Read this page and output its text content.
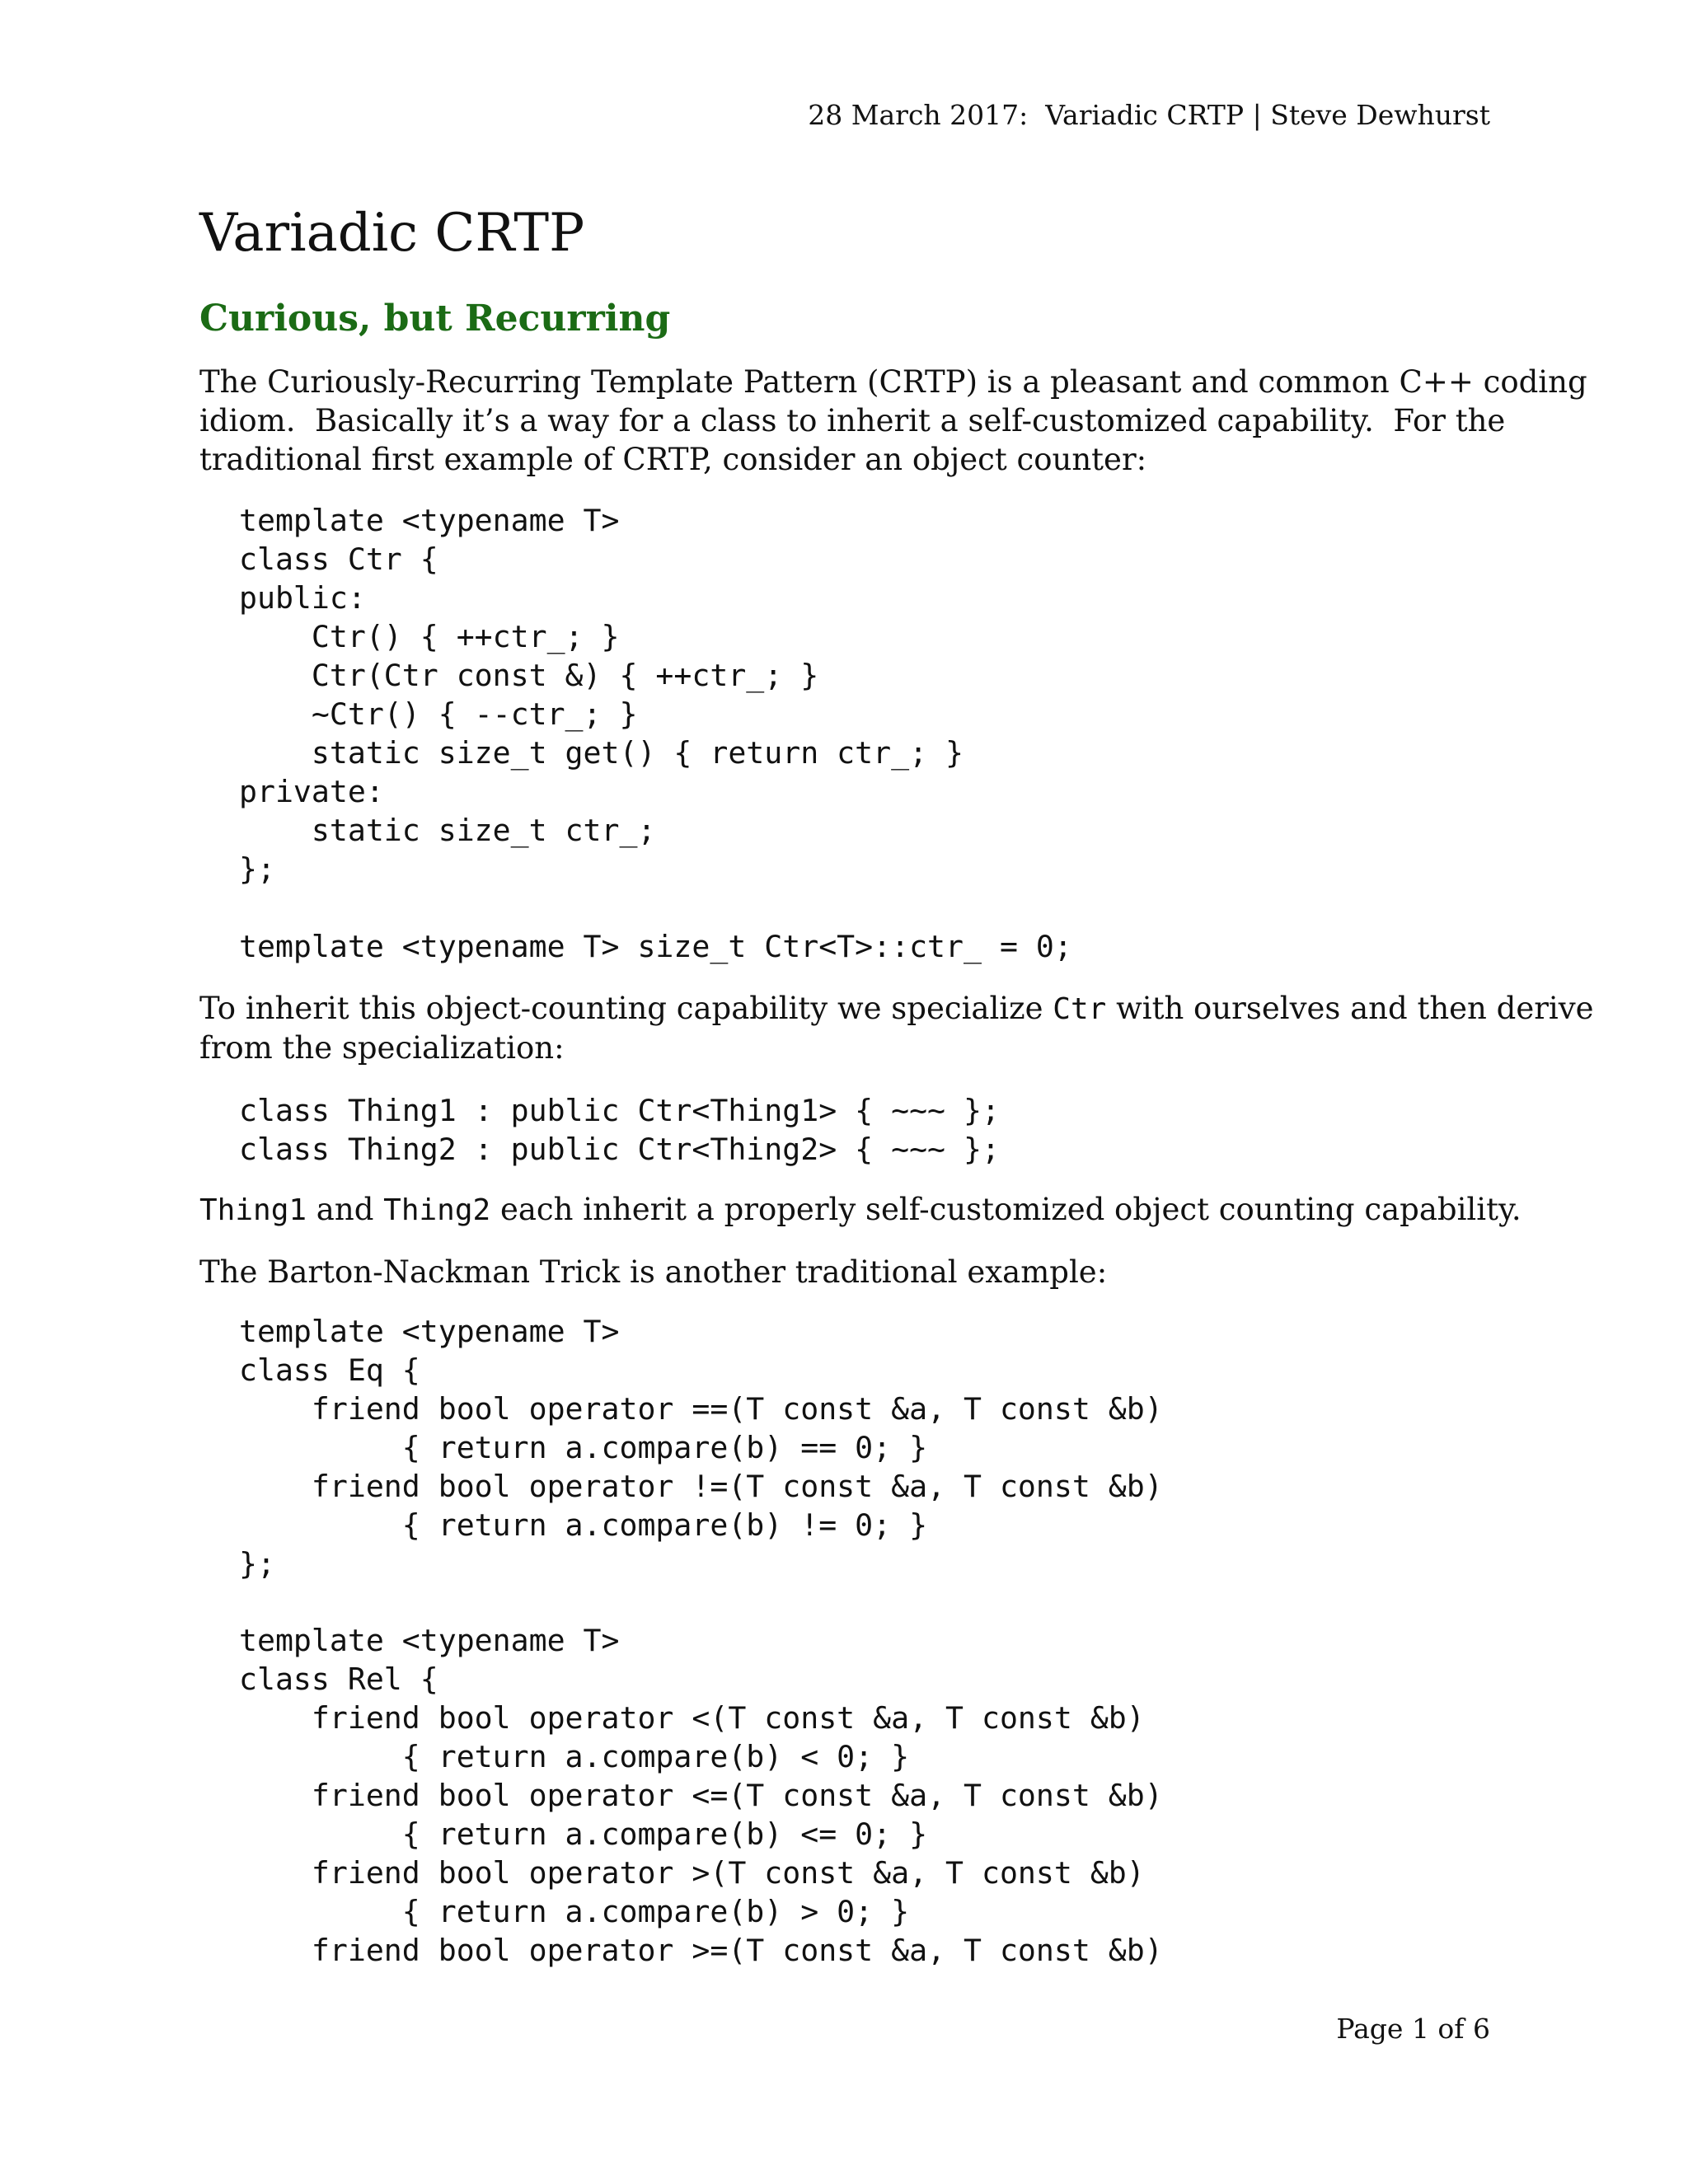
28 March 2017:  Variadic CRTP | Steve Dewhurst
Variadic CRTP
Curious, but Recurring

The Curiously-Recurring Template Pattern (CRTP) is a pleasant and common C++ coding
idiom.  Basically it’s a way for a class to inherit a self-customized capability.  For the
traditional first example of CRTP, consider an object counter:

template <typename T>
class Ctr {
public:
Ctr() { ++ctr_; }
Ctr(Ctr const &) { ++ctr_; }
~Ctr() { --ctr_; }
static size_t get() { return ctr_; }
private:
static size_t ctr_;
};
template <typename T> size_t Ctr<T>::ctr_ = 0;

To inherit this object-counting capability we specialize Ctr with ourselves and then derive
from the specialization:

class Thing1 : public Ctr<Thing1> { ~~~ };
class Thing2 : public Ctr<Thing2> { ~~~ };

Thing1 and Thing2 each inherit a properly self-customized object counting capability.

The Barton-Nackman Trick is another traditional example:

template <typename T>
class Eq {
friend bool operator ==(T const &a, T const &b)
{ return a.compare(b) == 0; }
friend bool operator !=(T const &a, T const &b)
{ return a.compare(b) != 0; }
};
template <typename T>
class Rel {
friend bool operator <(T const &a, T const &b)
{ return a.compare(b) < 0; }
friend bool operator <=(T const &a, T const &b)
{ return a.compare(b) <= 0; }
friend bool operator >(T const &a, T const &b)
{ return a.compare(b) > 0; }
friend bool operator >=(T const &a, T const &b)
Page 1 of 6
